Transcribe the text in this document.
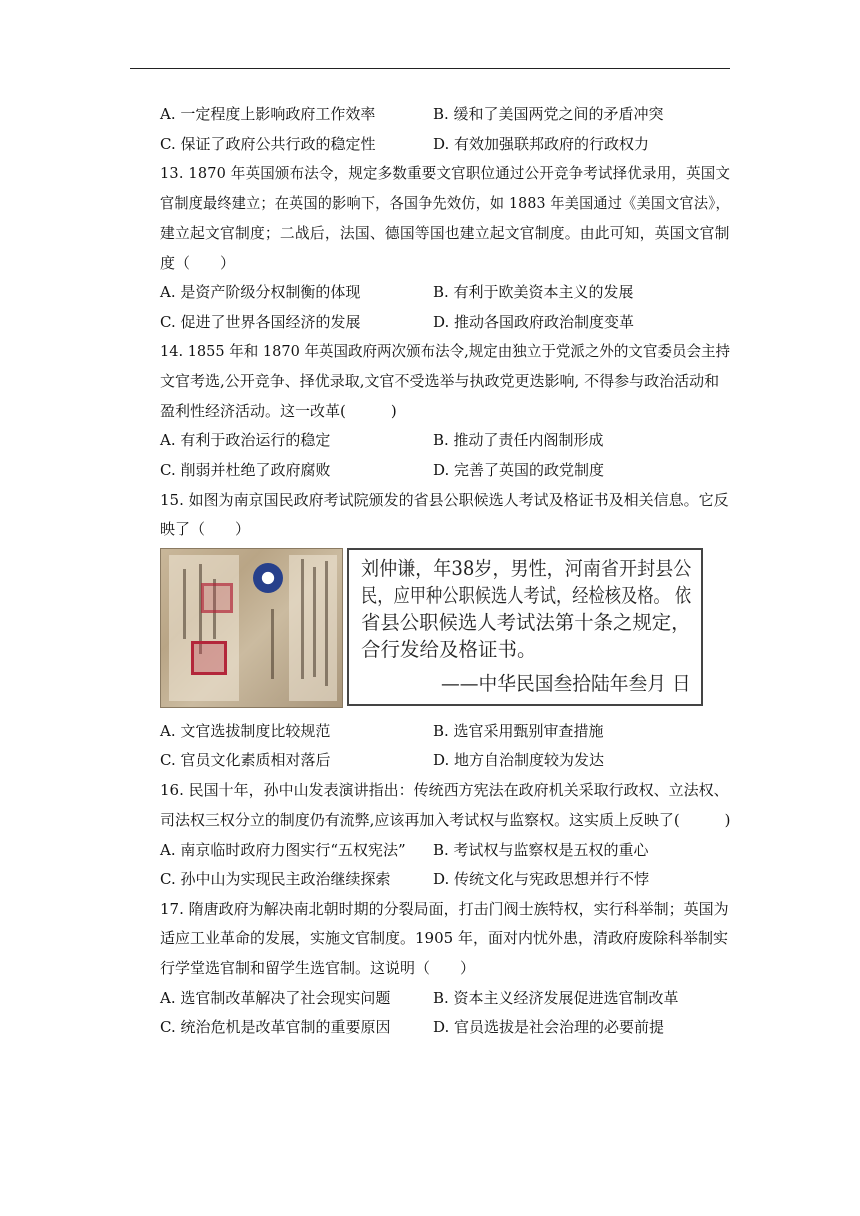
A. 一定程度上影响政府工作效率	B. 缓和了美国两党之间的矛盾冲突
C. 保证了政府公共行政的稳定性	D. 有效加强联邦政府的行政权力
13. 1870 年英国颁布法令，规定多数重要文官职位通过公开竞争考试择优录用，英国文
官制度最终建立；在英国的影响下，各国争先效仿，如 1883 年美国通过《美国文官法》，
建立起文官制度；二战后，法国、德国等国也建立起文官制度。由此可知，英国文官制
度（　　）
A. 是资产阶级分权制衡的体现	B. 有利于欧美资本主义的发展
C. 促进了世界各国经济的发展	D. 推动各国政府政治制度变革
14. 1855 年和 1870 年英国政府两次颁布法令,规定由独立于党派之外的文官委员会主持
文官考选,公开竞争、择优录取,文官不受选举与执政党更迭影响, 不得参与政治活动和
盈利性经济活动。这一改革(　　　)
A. 有利于政治运行的稳定	B. 推动了责任内阁制形成
C. 削弱并杜绝了政府腐败	D. 完善了英国的政党制度
15. 如图为南京国民政府考试院颁发的省县公职候选人考试及格证书及相关信息。它反
映了（　　）
刘仲谦，年38岁，男性，河南省开封县公
民，应甲种公职候选人考试，经检核及格。 依
省县公职候选人考试法第十条之规定，
合行发给及格证书。
——中华民国叁拾陆年叁月 日
A. 文官选拔制度比较规范	B. 选官采用甄别审查措施
C. 官员文化素质相对落后	D. 地方自治制度较为发达
16. 民国十年，孙中山发表演讲指出：传统西方宪法在政府机关采取行政权、立法权、
司法权三权分立的制度仍有流弊,应该再加入考试权与监察权。这实质上反映了(　　　)
A. 南京临时政府力图实行“五权宪法” B. 考试权与监察权是五权的重心
C. 孙中山为实现民主政治继续探索	D. 传统文化与宪政思想并行不悖
17. 隋唐政府为解决南北朝时期的分裂局面，打击门阀士族特权，实行科举制；英国为
适应工业革命的发展，实施文官制度。1905 年，面对内忧外患，清政府废除科举制实
行学堂选官制和留学生选官制。这说明（　　）
A. 选官制改革解决了社会现实问题	B. 资本主义经济发展促进选官制改革
C. 统治危机是改革官制的重要原因	D. 官员选拔是社会治理的必要前提
